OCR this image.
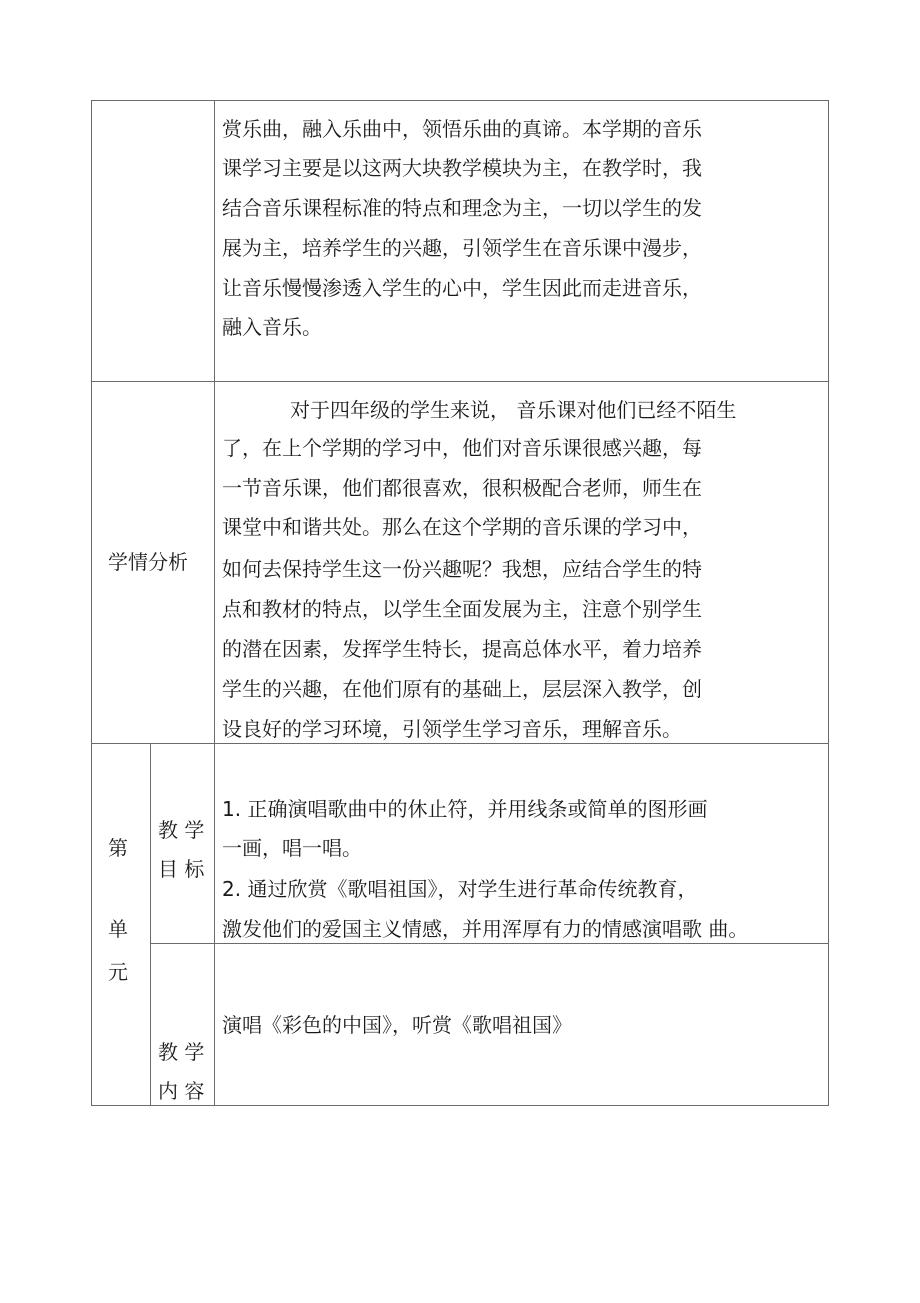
赏乐曲，融入乐曲中，领悟乐曲的真谛。本学期的音乐
课学习主要是以这两大块教学模块为主，在教学时，我
结合音乐课程标准的特点和理念为主，一切以学生的发
展为主，培养学生的兴趣，引领学生在音乐课中漫步，
让音乐慢慢渗透入学生的心中，学生因此而走进音乐，
融入音乐。
学情分析
对于四年级的学生来说， 音乐课对他们已经不陌生
了，在上个学期的学习中，他们对音乐课很感兴趣，每
一节音乐课，他们都很喜欢，很积极配合老师，师生在
课堂中和谐共处。那么在这个学期的音乐课的学习中，
如何去保持学生这一份兴趣呢？我想，应结合学生的特
点和教材的特点，以学生全面发展为主，注意个别学生
的潜在因素，发挥学生特长，提高总体水平，着力培养
学生的兴趣，在他们原有的基础上，层层深入教学，创
设良好的学习环境，引领学生学习音乐，理解音乐。
第
单
元
教 学
目 标
1. 正确演唱歌曲中的休止符，并用线条或简单的图形画
一画，唱一唱。
2. 通过欣赏《歌唱祖国》，对学生进行革命传统教育，
激发他们的爱国主义情感，并用浑厚有力的情感演唱歌 曲。
教 学
内 容
演唱《彩色的中国》，听赏《歌唱祖国》
